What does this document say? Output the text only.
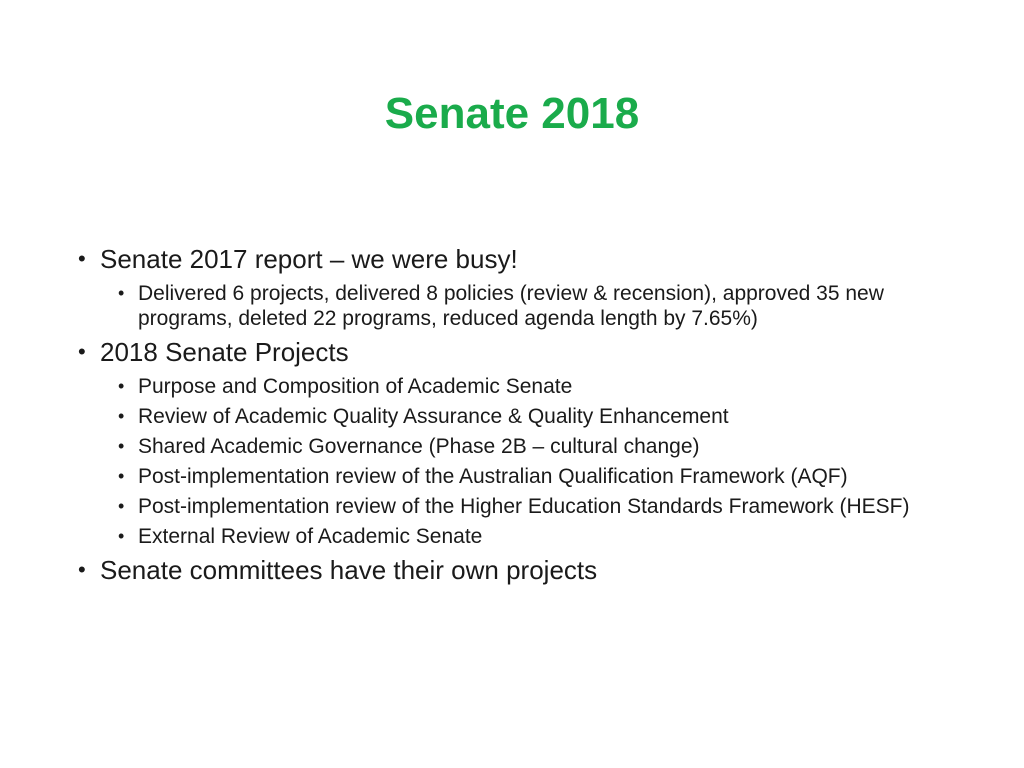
Senate 2018
• Senate 2017 report – we were busy!
• Delivered 6 projects, delivered 8 policies (review & recension), approved 35 new programs, deleted 22 programs, reduced agenda length by 7.65%)
• 2018 Senate Projects
• Purpose and Composition of Academic Senate
• Review of Academic Quality Assurance & Quality Enhancement
• Shared Academic Governance (Phase 2B – cultural change)
• Post-implementation review of the Australian Qualification Framework (AQF)
• Post-implementation review of the Higher Education Standards Framework (HESF)
• External Review of Academic Senate
• Senate committees have their own projects
